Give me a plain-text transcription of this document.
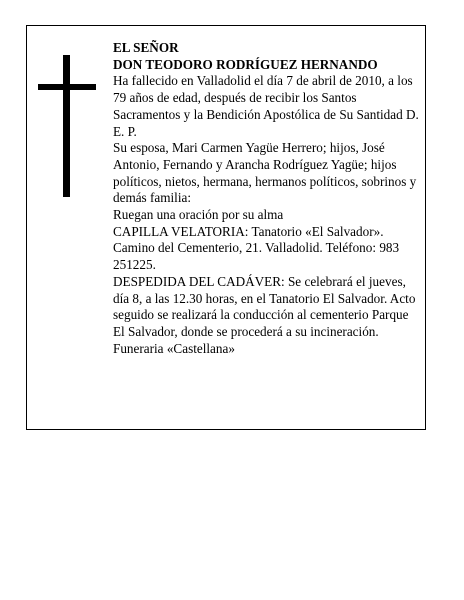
EL SEÑOR

DON TEODORO RODRÍGUEZ HERNANDO

Ha fallecido en Valladolid el día 7 de abril de 2010, a los 79 años de edad, después de recibir los Santos Sacramentos y la Bendición Apostólica de Su Santidad D. E. P.

Su esposa, Mari Carmen Yagüe Herrero; hijos, José Antonio, Fernando y Arancha Rodríguez Yagüe; hijos políticos, nietos, hermana, hermanos políticos, sobrinos y demás familia:

Ruegan una oración por su alma

CAPILLA VELATORIA: Tanatorio «El Salvador». Camino del Cementerio, 21. Valladolid. Teléfono: 983 251225.

DESPEDIDA DEL CADÁVER: Se celebrará el jueves, día 8, a las 12.30 horas, en el Tanatorio El Salvador. Acto seguido se realizará la conducción al cementerio Parque El Salvador, donde se procederá a su incineración.

Funeraria «Castellana»
